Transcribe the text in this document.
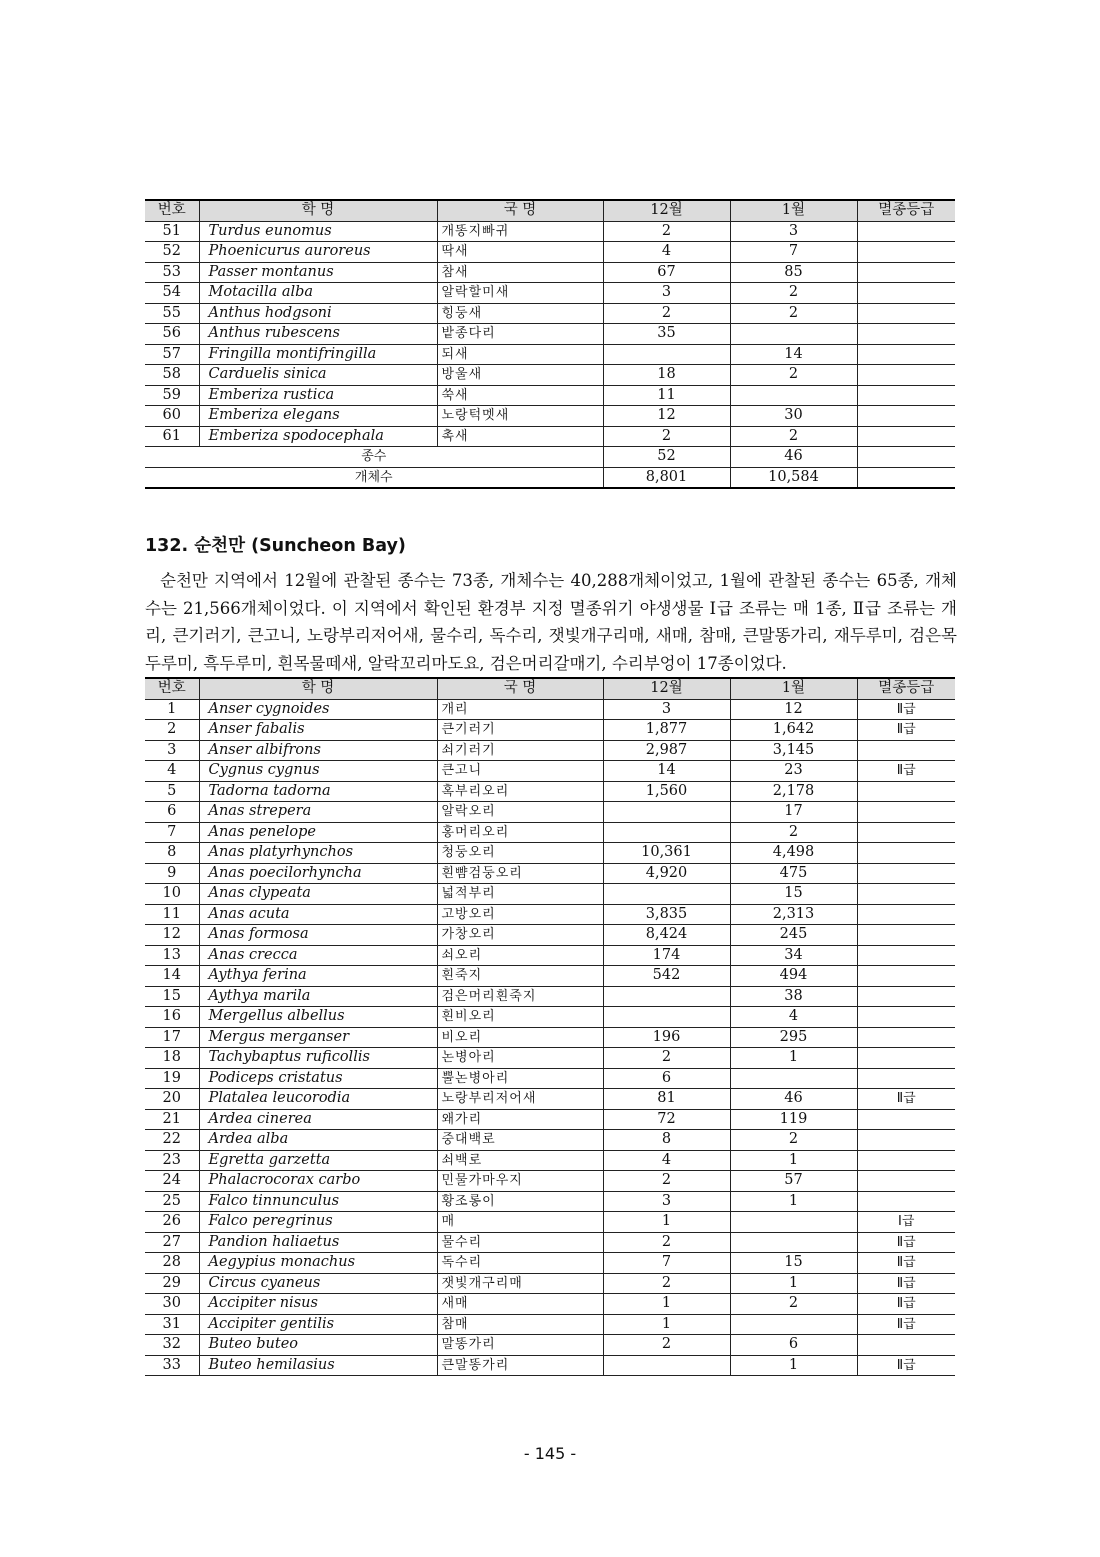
번호	학 명	국 명	12월	1월	멸종등급
51	Turdus eunomus	개똥지빠귀	2	3	
52	Phoenicurus auroreus	딱새	4	7	
53	Passer montanus	참새	67	85	
54	Motacilla alba	알락할미새	3	2	
55	Anthus hodgsoni	힝둥새	2	2	
56	Anthus rubescens	밭종다리	35		
57	Fringilla montifringilla	되새		14	
58	Carduelis sinica	방울새	18	2	
59	Emberiza rustica	쑥새	11		
60	Emberiza elegans	노랑턱멧새	12	30	
61	Emberiza spodocephala	촉새	2	2	
종수			52	46	
개체수			8,801	10,584	
132. 순천만 (Suncheon Bay)

순천만 지역에서 12월에 관찰된 종수는 73종, 개체수는 40,288개체이었고, 1월에 관찰된 종수는 65종, 개체수는 21,566개체이었다. 이 지역에서 확인된 환경부 지정 멸종위기 야생생물 Ⅰ급 조류는 매 1종, Ⅱ급 조류는 개리, 큰기러기, 큰고니, 노랑부리저어새, 물수리, 독수리, 잿빛개구리매, 새매, 참매, 큰말똥가리, 재두루미, 검은목두루미, 흑두루미, 흰목물떼새, 알락꼬리마도요, 검은머리갈매기, 수리부엉이 17종이었다.

번호	학 명	국 명	12월	1월	멸종등급
1	Anser cygnoides	개리	3	12	Ⅱ급
2	Anser fabalis	큰기러기	1,877	1,642	Ⅱ급
3	Anser albifrons	쇠기러기	2,987	3,145	
4	Cygnus cygnus	큰고니	14	23	Ⅱ급
5	Tadorna tadorna	혹부리오리	1,560	2,178	
6	Anas strepera	알락오리		17	
7	Anas penelope	홍머리오리		2	
8	Anas platyrhynchos	청둥오리	10,361	4,498	
9	Anas poecilorhyncha	흰뺨검둥오리	4,920	475	
10	Anas clypeata	넓적부리		15	
11	Anas acuta	고방오리	3,835	2,313	
12	Anas formosa	가창오리	8,424	245	
13	Anas crecca	쇠오리	174	34	
14	Aythya ferina	흰죽지	542	494	
15	Aythya marila	검은머리흰죽지		38	
16	Mergellus albellus	흰비오리		4	
17	Mergus merganser	비오리	196	295	
18	Tachybaptus ruficollis	논병아리	2	1	
19	Podiceps cristatus	뿔논병아리	6		
20	Platalea leucorodia	노랑부리저어새	81	46	Ⅱ급
21	Ardea cinerea	왜가리	72	119	
22	Ardea alba	중대백로	8	2	
23	Egretta garzetta	쇠백로	4	1	
24	Phalacrocorax carbo	민물가마우지	2	57	
25	Falco tinnunculus	황조롱이	3	1	
26	Falco peregrinus	매	1		Ⅰ급
27	Pandion haliaetus	물수리	2		Ⅱ급
28	Aegypius monachus	독수리	7	15	Ⅱ급
29	Circus cyaneus	잿빛개구리매	2	1	Ⅱ급
30	Accipiter nisus	새매	1	2	Ⅱ급
31	Accipiter gentilis	참매	1		Ⅱ급
32	Buteo buteo	말똥가리	2	6	
33	Buteo hemilasius	큰말똥가리		1	Ⅱ급
- 145 -
